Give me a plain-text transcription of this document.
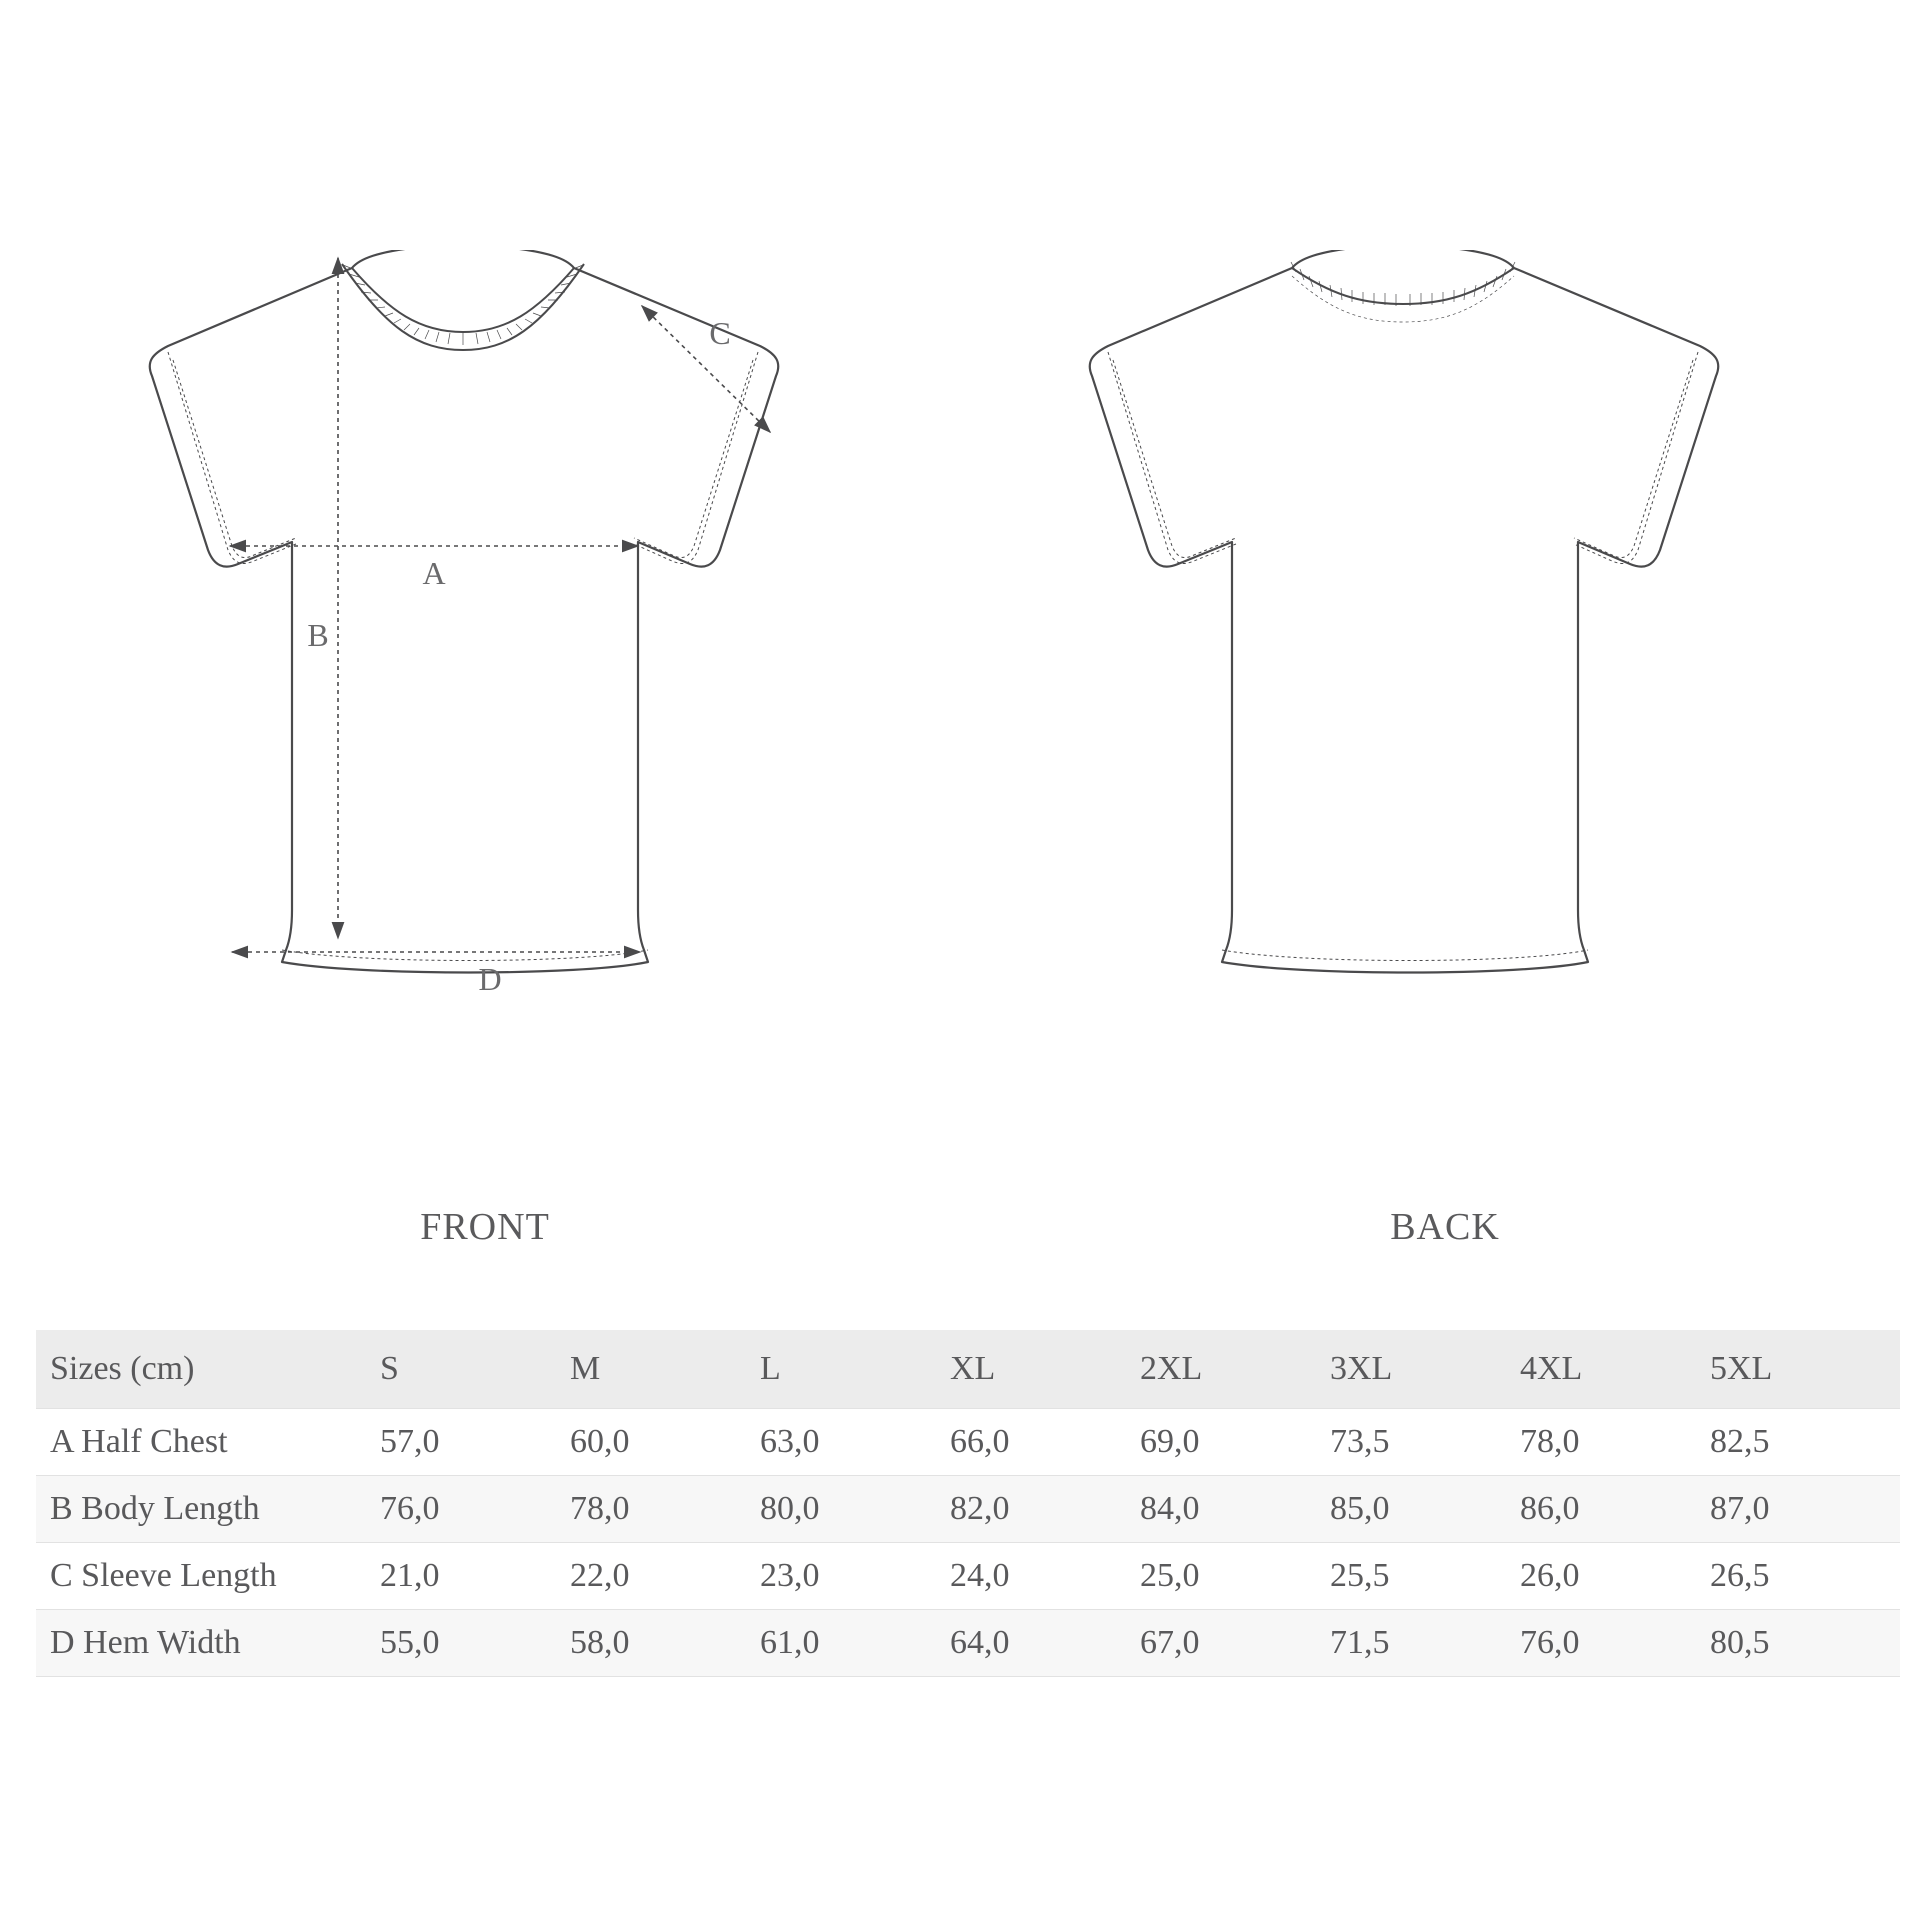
A
B
C
D
FRONT	BACK
Sizes (cm)	S	M	L	XL	2XL	3XL	4XL	5XL
A Half Chest	57,0	60,0	63,0	66,0	69,0	73,5	78,0	82,5
B Body Length	76,0	78,0	80,0	82,0	84,0	85,0	86,0	87,0
C Sleeve Length	21,0	22,0	23,0	24,0	25,0	25,5	26,0	26,5
D Hem Width	55,0	58,0	61,0	64,0	67,0	71,5	76,0	80,5
